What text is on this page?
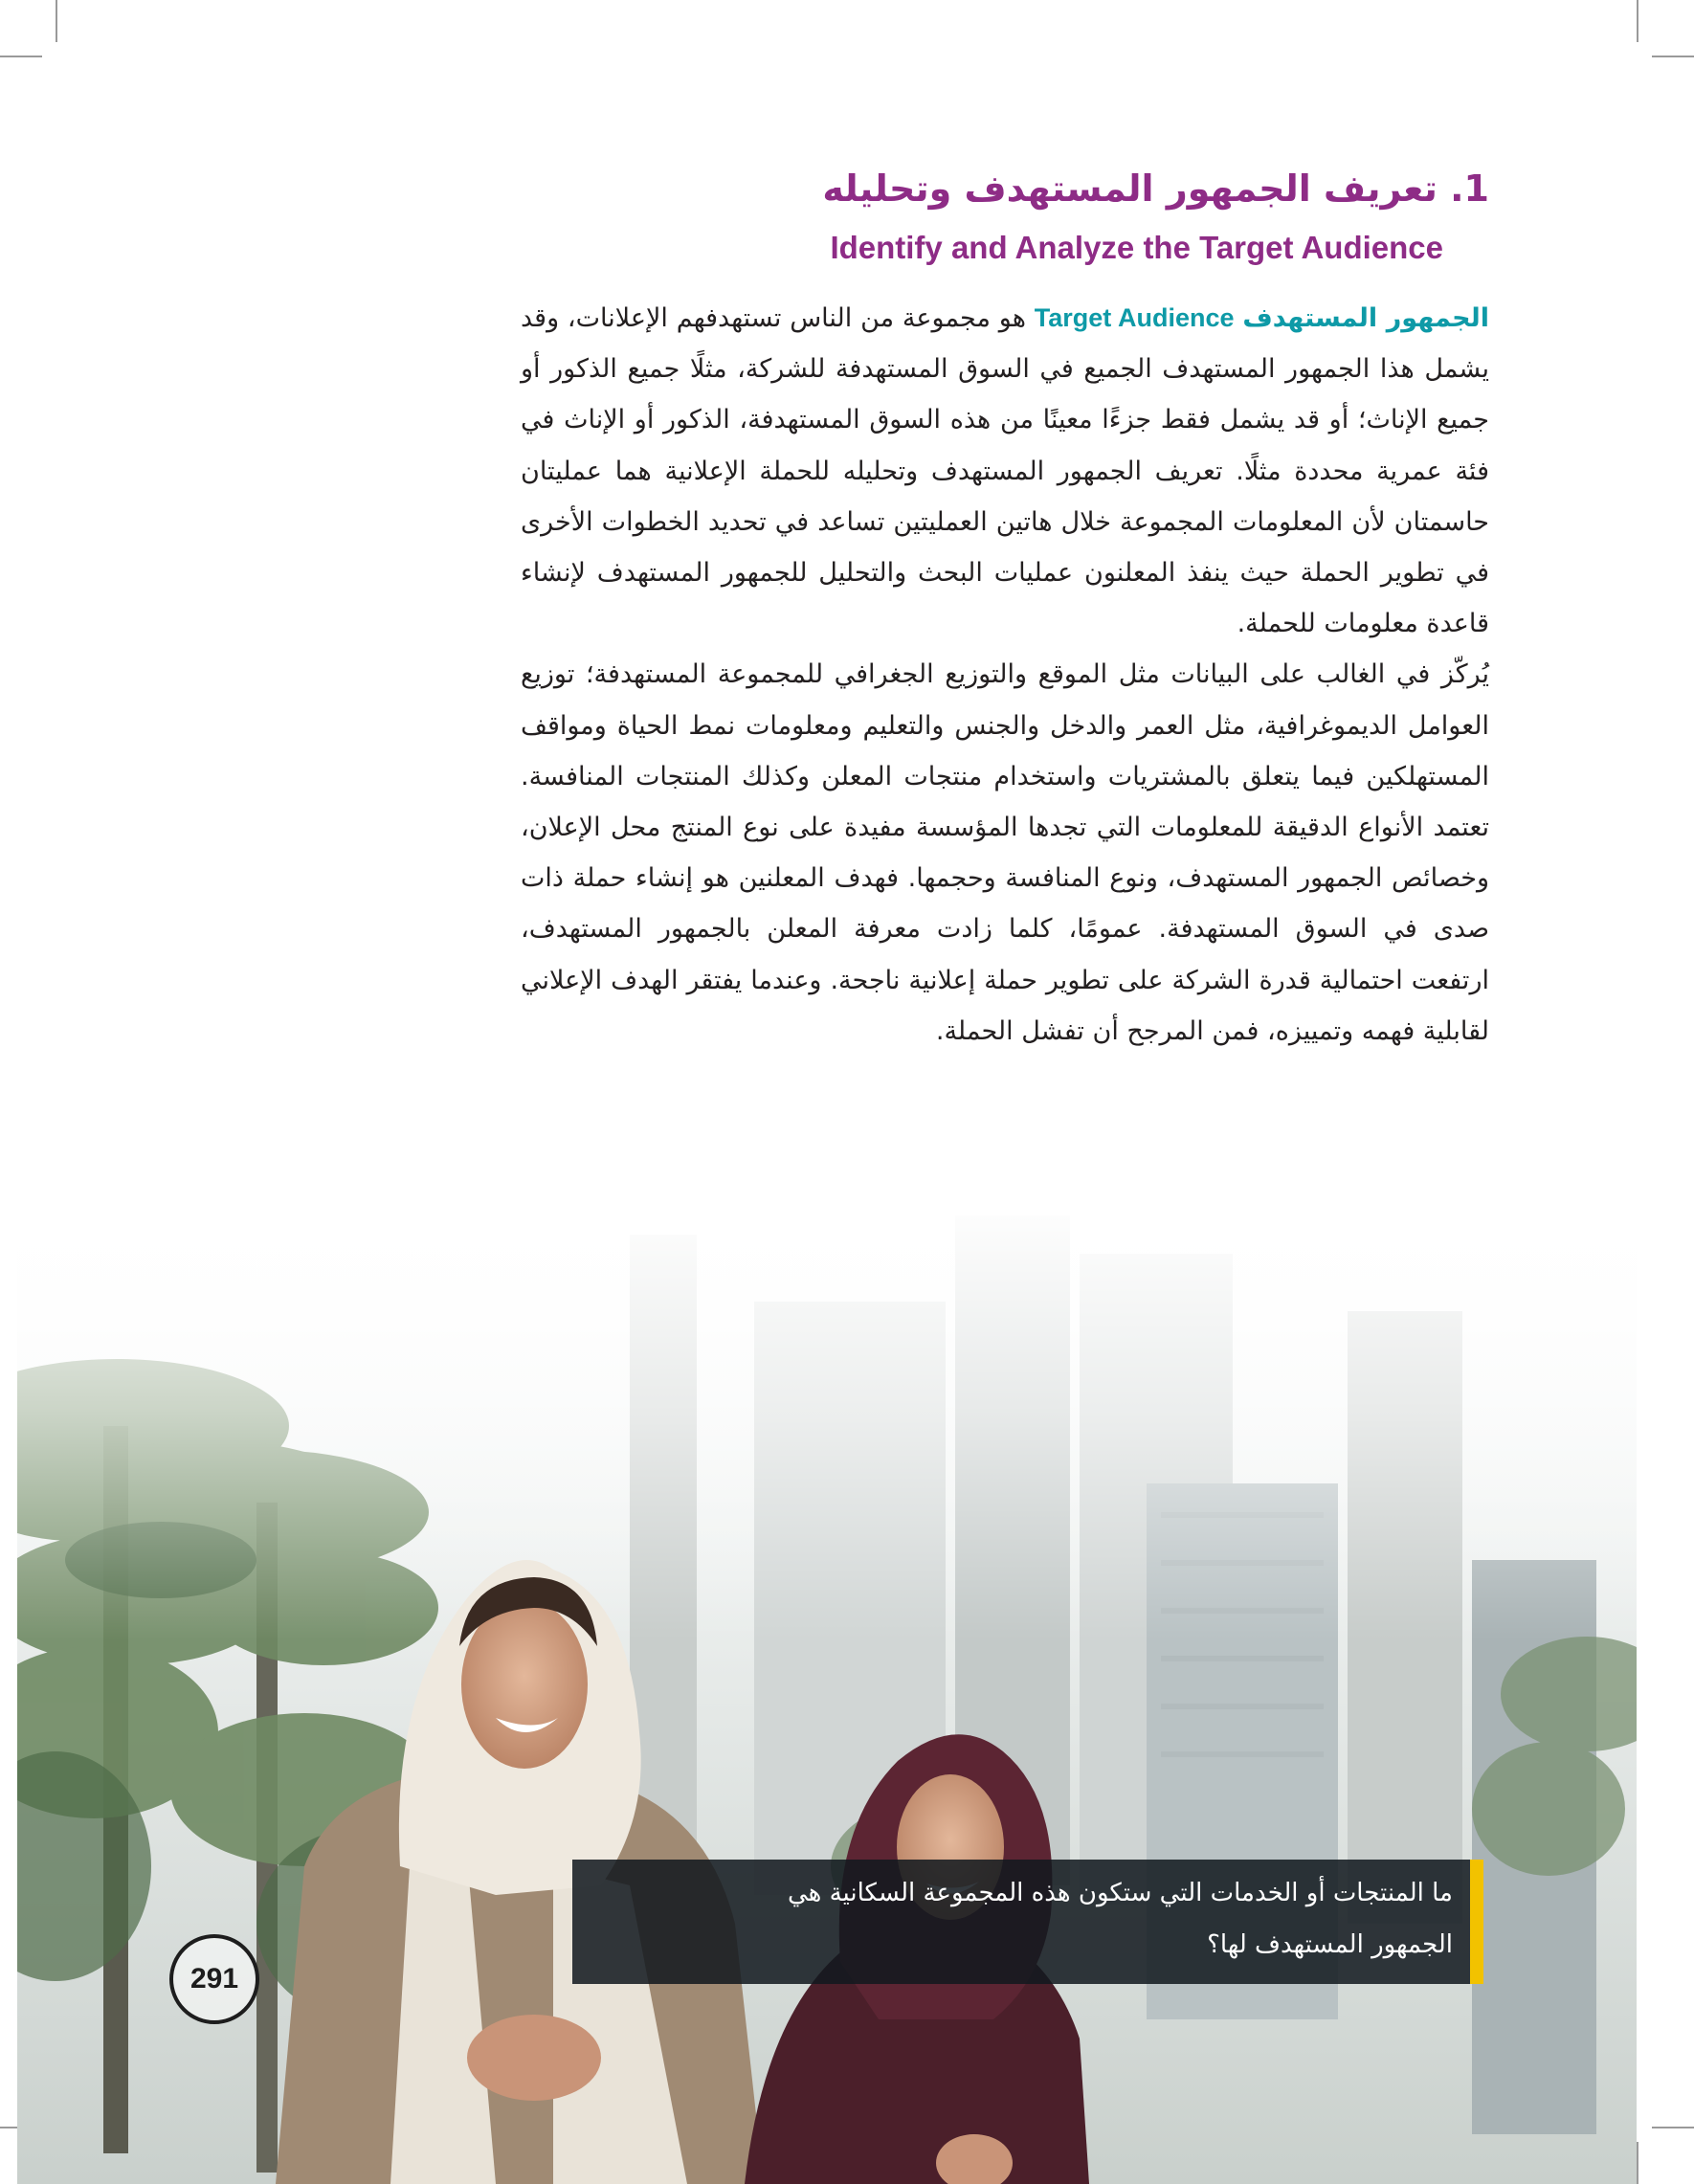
1. تعريف الجمهور المستهدف وتحليله
Identify and Analyze the Target Audience

الجمهور المستهدف Target Audience هو مجموعة من الناس تستهدفهم الإعلانات، وقد يشمل هذا الجمهور المستهدف الجميع في السوق المستهدفة للشركة، مثلًا جميع الذكور أو جميع الإناث؛ أو قد يشمل فقط جزءًا معينًا من هذه السوق المستهدفة، الذكور أو الإناث في فئة عمرية محددة مثلًا. تعريف الجمهور المستهدف وتحليله للحملة الإعلانية هما عمليتان حاسمتان لأن المعلومات المجموعة خلال هاتين العمليتين تساعد في تحديد الخطوات الأخرى في تطوير الحملة حيث ينفذ المعلنون عمليات البحث والتحليل للجمهور المستهدف لإنشاء قاعدة معلومات للحملة.

يُركّز في الغالب على البيانات مثل الموقع والتوزيع الجغرافي للمجموعة المستهدفة؛ توزيع العوامل الديموغرافية، مثل العمر والدخل والجنس والتعليم ومعلومات نمط الحياة ومواقف المستهلكين فيما يتعلق بالمشتريات واستخدام منتجات المعلن وكذلك المنتجات المنافسة. تعتمد الأنواع الدقيقة للمعلومات التي تجدها المؤسسة مفيدة على نوع المنتج محل الإعلان، وخصائص الجمهور المستهدف، ونوع المنافسة وحجمها. فهدف المعلنين هو إنشاء حملة ذات صدى في السوق المستهدفة. عمومًا، كلما زادت معرفة المعلن بالجمهور المستهدف، ارتفعت احتمالية قدرة الشركة على تطوير حملة إعلانية ناجحة. وعندما يفتقر الهدف الإعلاني لقابلية فهمه وتمييزه، فمن المرجح أن تفشل الحملة.

ما المنتجات أو الخدمات التي ستكون هذه المجموعة السكانية هي
الجمهور المستهدف لها؟
291
